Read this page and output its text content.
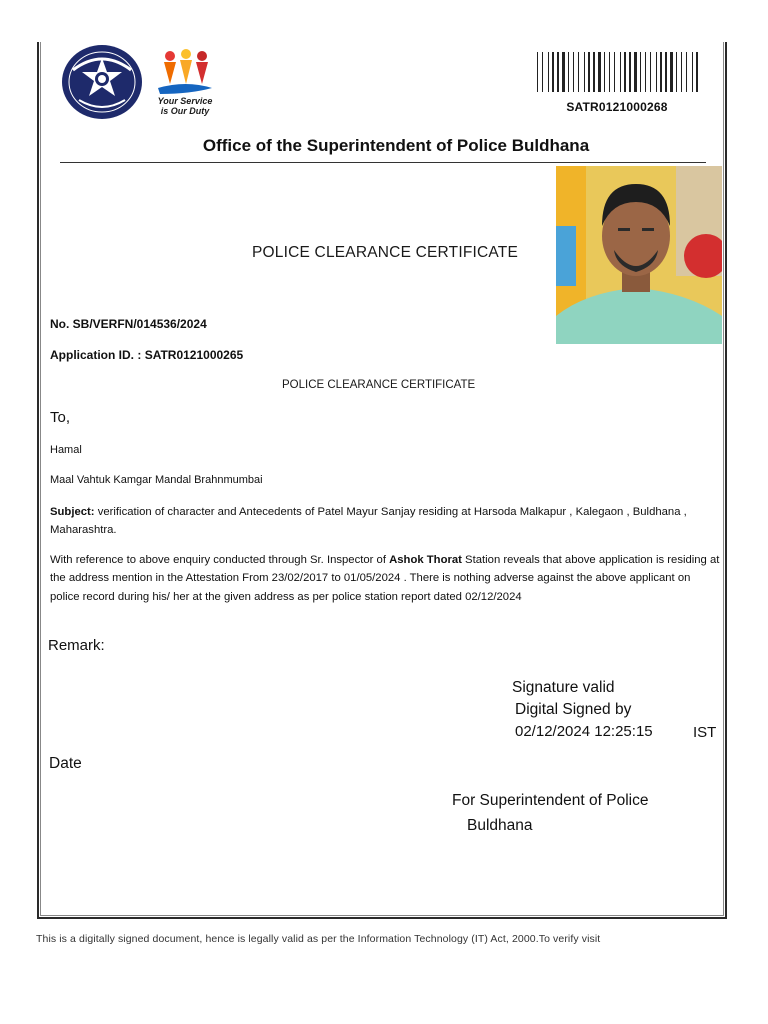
Your Service
is Our Duty	SATR0121000268
Office of the Superintendent of Police Buldhana
POLICE CLEARANCE CERTIFICATE
No. SB/VERFN/014536/2024
Application ID. : SATR0121000265
POLICE CLEARANCE CERTIFICATE
To,
Hamal
Maal Vahtuk Kamgar Mandal Brahnmumbai
Subject: verification of character and Antecedents of Patel Mayur Sanjay residing at Harsoda Malkapur , Kalegaon , Buldhana , Maharashtra.
With reference to above enquiry conducted through Sr. Inspector of Ashok Thorat Station reveals that above application is residing at the address mention in the Attestation From 23/02/2017 to 01/05/2024 . There is nothing adverse against the above applicant on police record during his/ her at the given address as per police station report dated 02/12/2024
Remark:
Signature valid
Digital Signed by
02/12/2024 12:25:15	IST
Date
For Superintendent of Police
Buldhana
This is a digitally signed document, hence is legally valid as per the Information Technology (IT) Act, 2000.To verify visit
